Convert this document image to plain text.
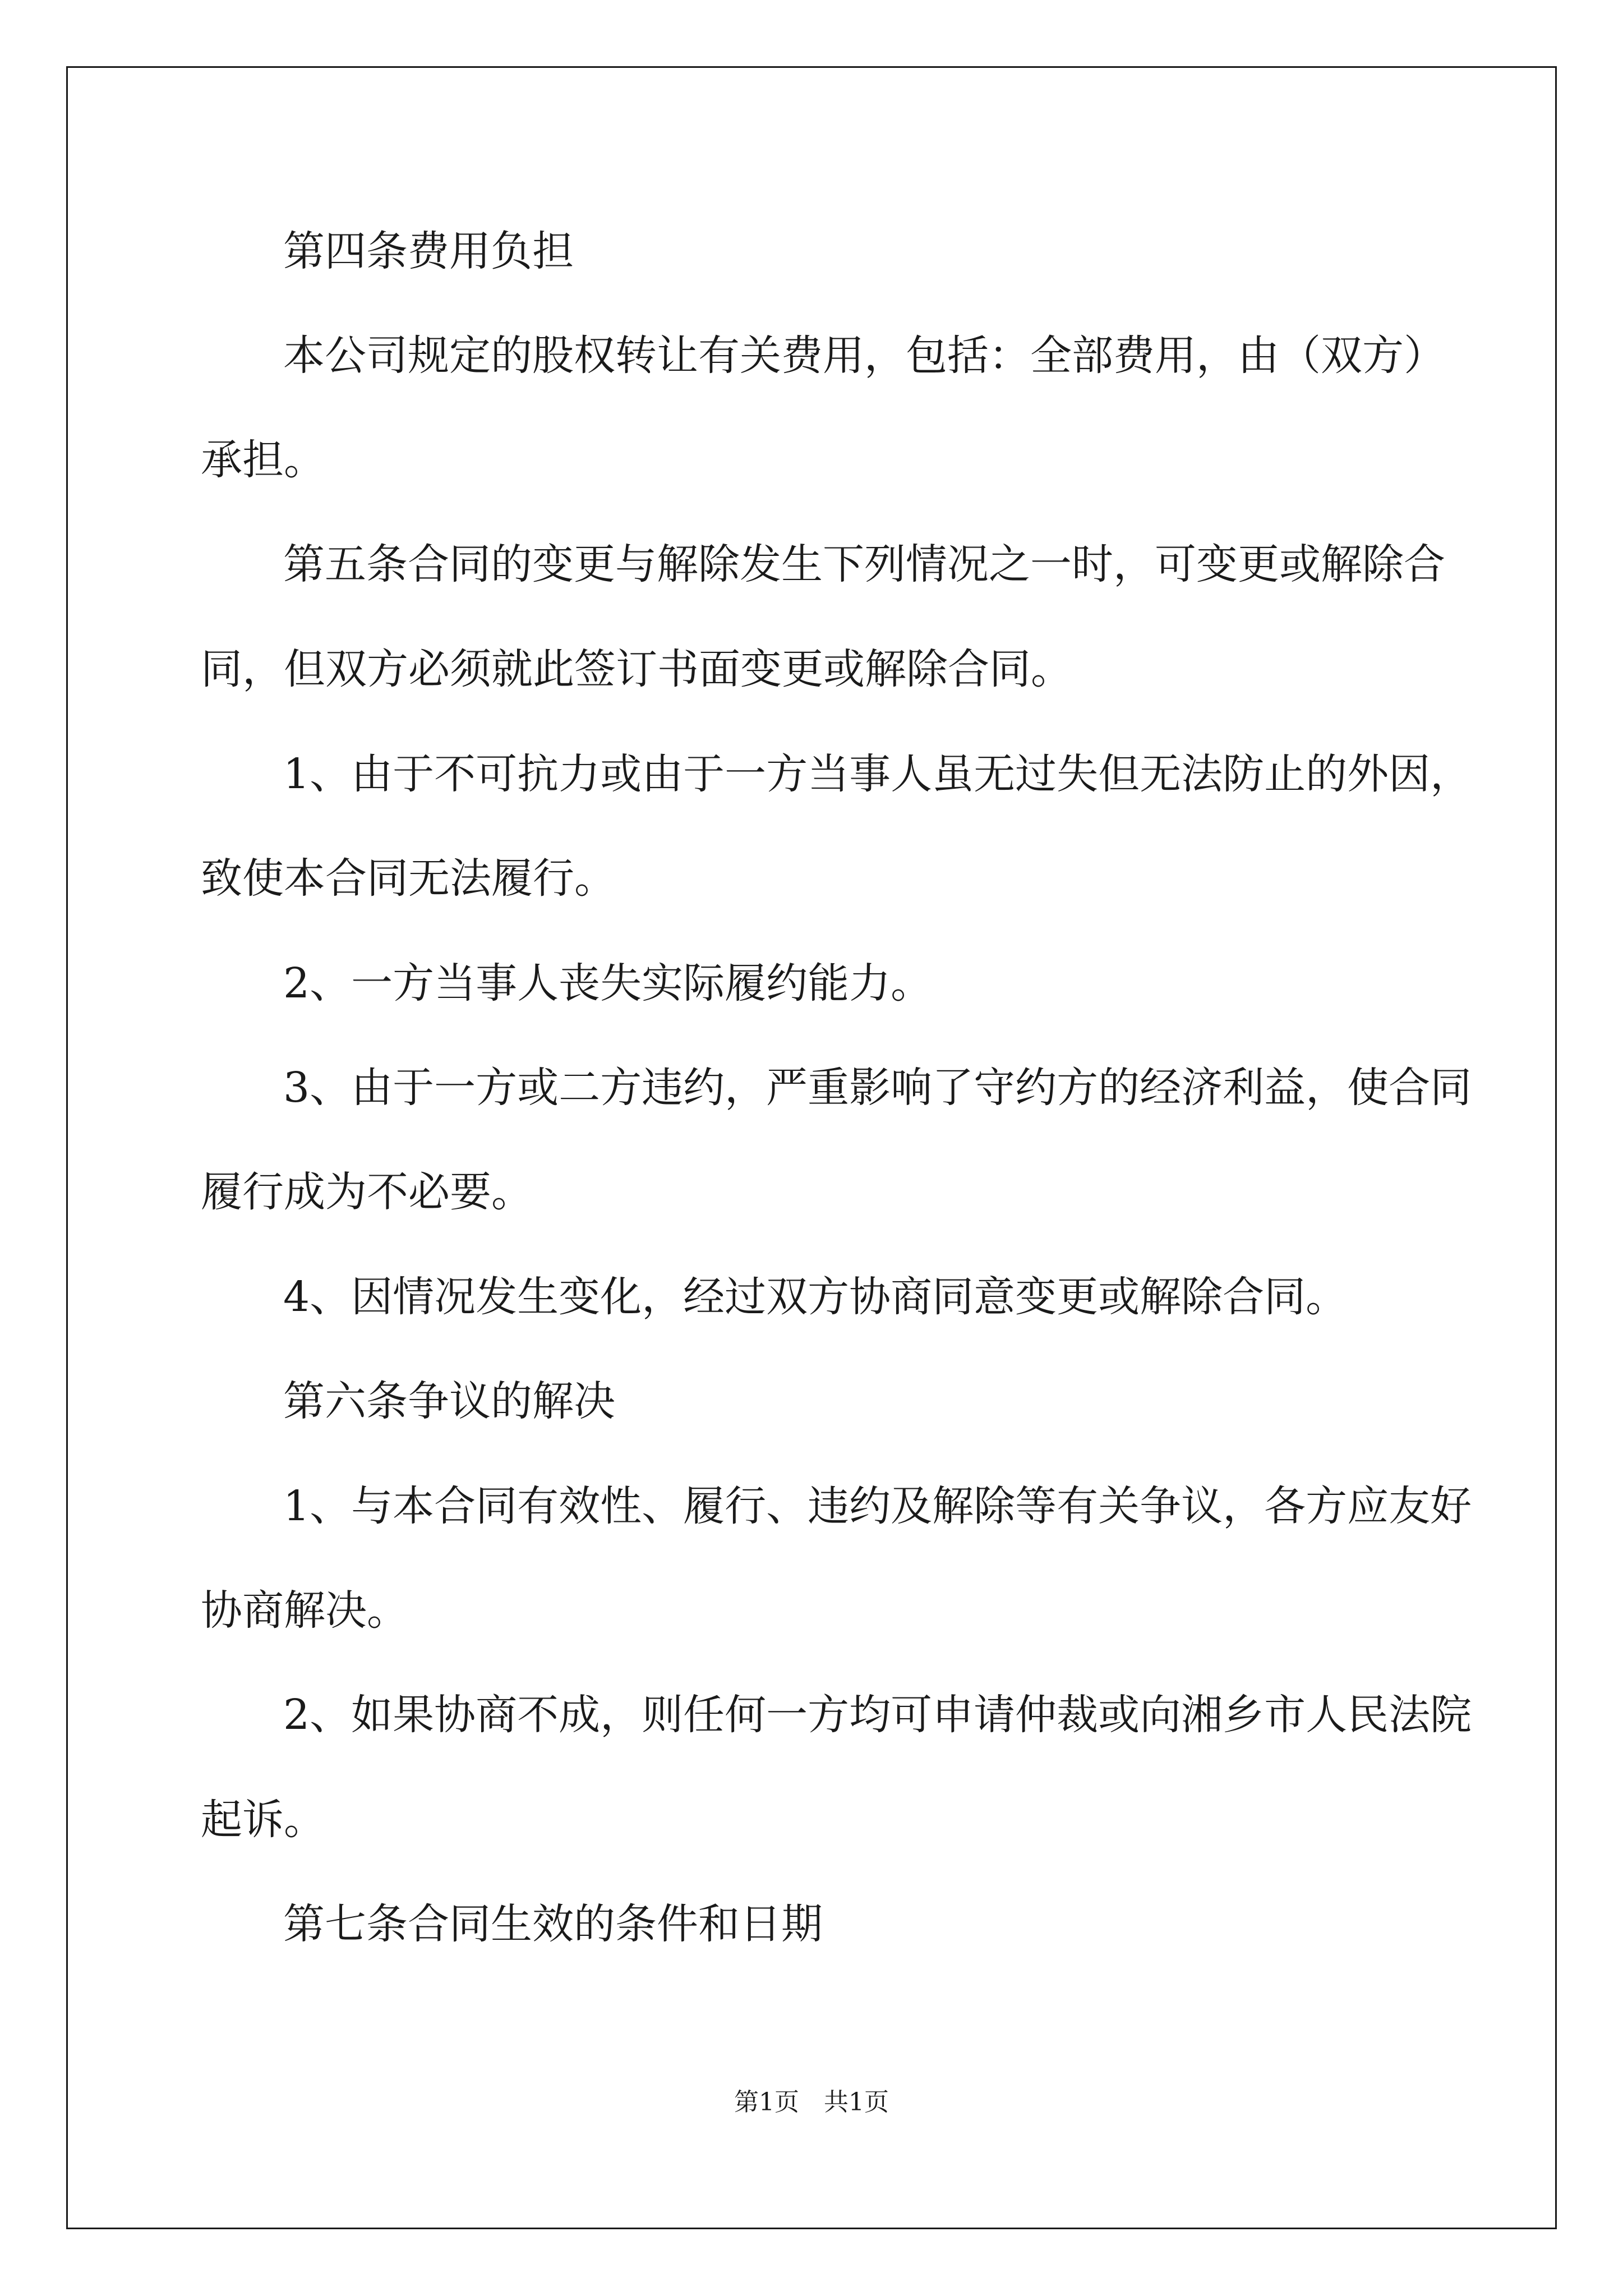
第四条费用负担

本公司规定的股权转让有关费用，包括：全部费用，由（双方）

承担。

第五条合同的变更与解除发生下列情况之一时，可变更或解除合

同，但双方必须就此签订书面变更或解除合同。

1、由于不可抗力或由于一方当事人虽无过失但无法防止的外因，

致使本合同无法履行。

2、一方当事人丧失实际履约能力。

3、由于一方或二方违约，严重影响了守约方的经济利益，使合同

履行成为不必要。

4、因情况发生变化，经过双方协商同意变更或解除合同。

第六条争议的解决

1、与本合同有效性、履行、违约及解除等有关争议，各方应友好

协商解决。

2、如果协商不成，则任何一方均可申请仲裁或向湘乡市人民法院

起诉。

第七条合同生效的条件和日期

第1页　共1页
